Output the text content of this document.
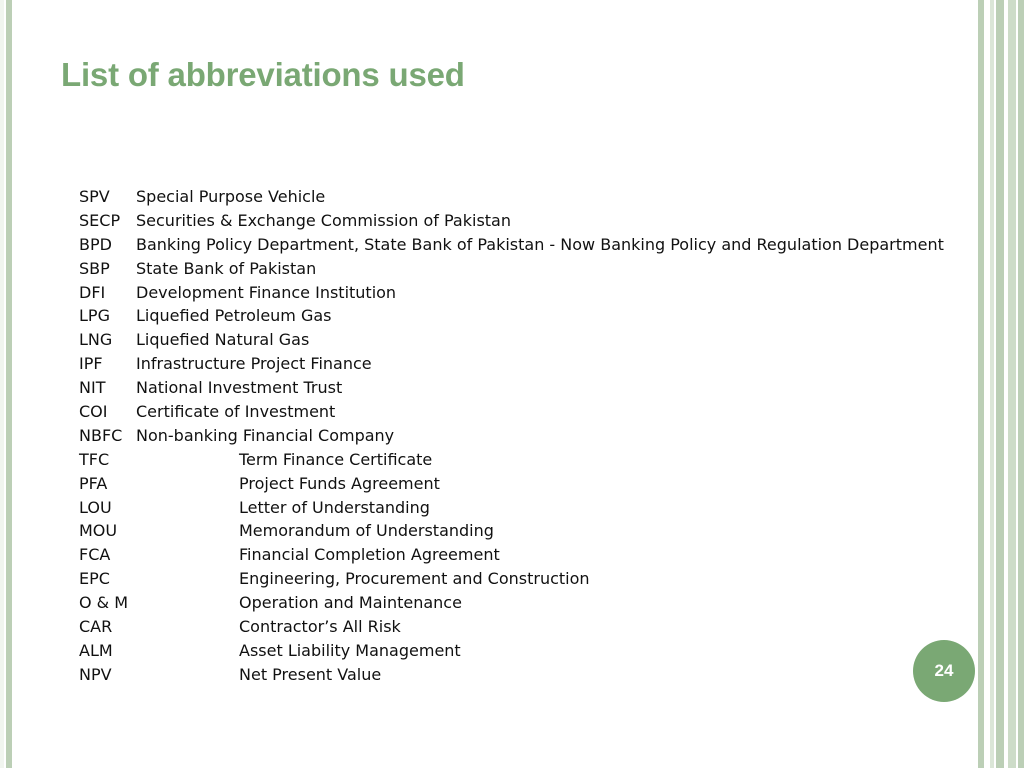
List of abbreviations used
SPV Special Purpose Vehicle
SECP Securities & Exchange Commission of Pakistan
BPD Banking Policy Department, State Bank of Pakistan - Now Banking Policy and Regulation Department
SBP State Bank of Pakistan
DFI Development Finance Institution
LPG Liquefied Petroleum Gas
LNG Liquefied Natural Gas
IPF Infrastructure Project Finance
NIT National Investment Trust
COI Certificate of Investment
NBFC Non-banking Financial Company
TFC	Term Finance Certificate
PFA	Project Funds Agreement
LOU	Letter of Understanding
MOU	Memorandum of Understanding
FCA	Financial Completion Agreement
EPC	Engineering, Procurement and Construction
O & M	Operation and Maintenance
CAR	Contractor’s All Risk
ALM	Asset Liability Management
NPV	Net Present Value	24
